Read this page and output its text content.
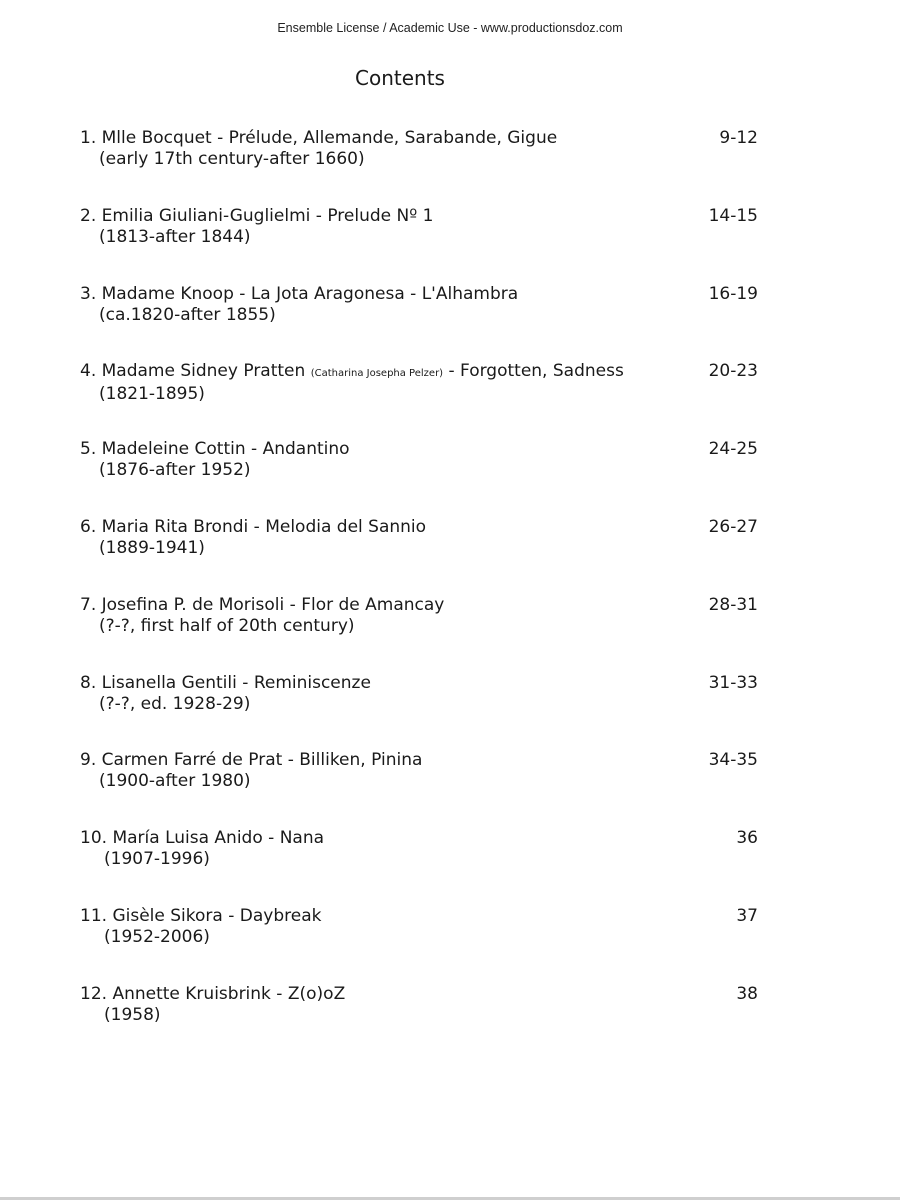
Ensemble License / Academic Use - www.productionsdoz.com
Contents
1. Mlle Bocquet - Prélude, Allemande, Sarabande, Gigue
(early 17th century-after 1660)
9-12
2. Emilia Giuliani-Guglielmi - Prelude Nº 1
(1813-after 1844)
14-15
3. Madame Knoop - La Jota Aragonesa - L'Alhambra
(ca.1820-after 1855)
16-19
4. Madame Sidney Pratten (Catharina Josepha Pelzer) - Forgotten, Sadness
(1821-1895)
20-23
5. Madeleine Cottin - Andantino
(1876-after 1952)
24-25
6. Maria Rita Brondi - Melodia del Sannio
(1889-1941)
26-27
7. Josefina P. de Morisoli - Flor de Amancay
(?-?, first half of 20th century)
28-31
8. Lisanella Gentili - Reminiscenze
(?-?, ed. 1928-29)
31-33
9. Carmen Farré de Prat - Billiken, Pinina
(1900-after 1980)
34-35
10. María Luisa Anido - Nana
(1907-1996)
36
11. Gisèle Sikora - Daybreak
(1952-2006)
37
12. Annette Kruisbrink - Z(o)oZ
(1958)
38
